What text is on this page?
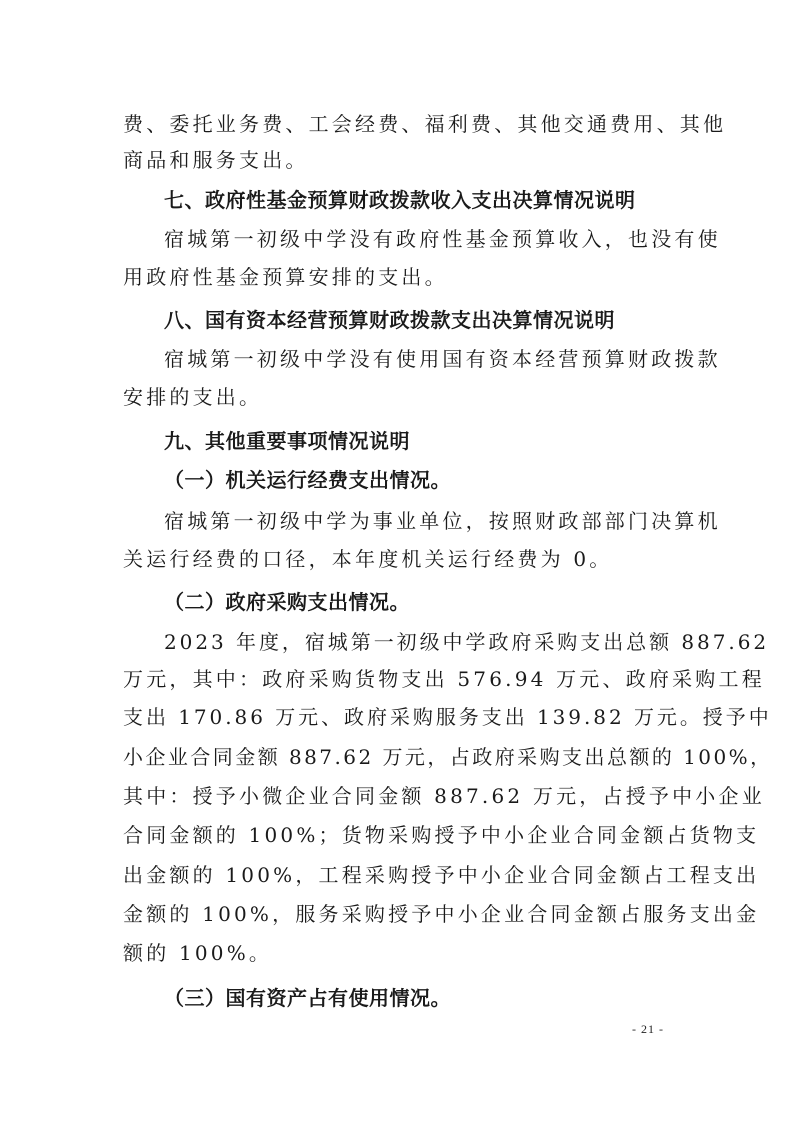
费、委托业务费、工会经费、福利费、其他交通费用、其他
商品和服务支出。
七、政府性基金预算财政拨款收入支出决算情况说明
宿城第一初级中学没有政府性基金预算收入，也没有使
用政府性基金预算安排的支出。
八、国有资本经营预算财政拨款支出决算情况说明
宿城第一初级中学没有使用国有资本经营预算财政拨款
安排的支出。
九、其他重要事项情况说明
（一）机关运行经费支出情况。
宿城第一初级中学为事业单位，按照财政部部门决算机
关运行经费的口径，本年度机关运行经费为 0。
（二）政府采购支出情况。
2023 年度，宿城第一初级中学政府采购支出总额 887.62
万元，其中：政府采购货物支出 576.94 万元、政府采购工程
支出 170.86 万元、政府采购服务支出 139.82 万元。授予中
小企业合同金额 887.62 万元，占政府采购支出总额的 100%，
其中：授予小微企业合同金额 887.62 万元，占授予中小企业
合同金额的 100%；货物采购授予中小企业合同金额占货物支
出金额的 100%，工程采购授予中小企业合同金额占工程支出
金额的 100%，服务采购授予中小企业合同金额占服务支出金
额的 100%。
（三）国有资产占有使用情况。
- 21 -
